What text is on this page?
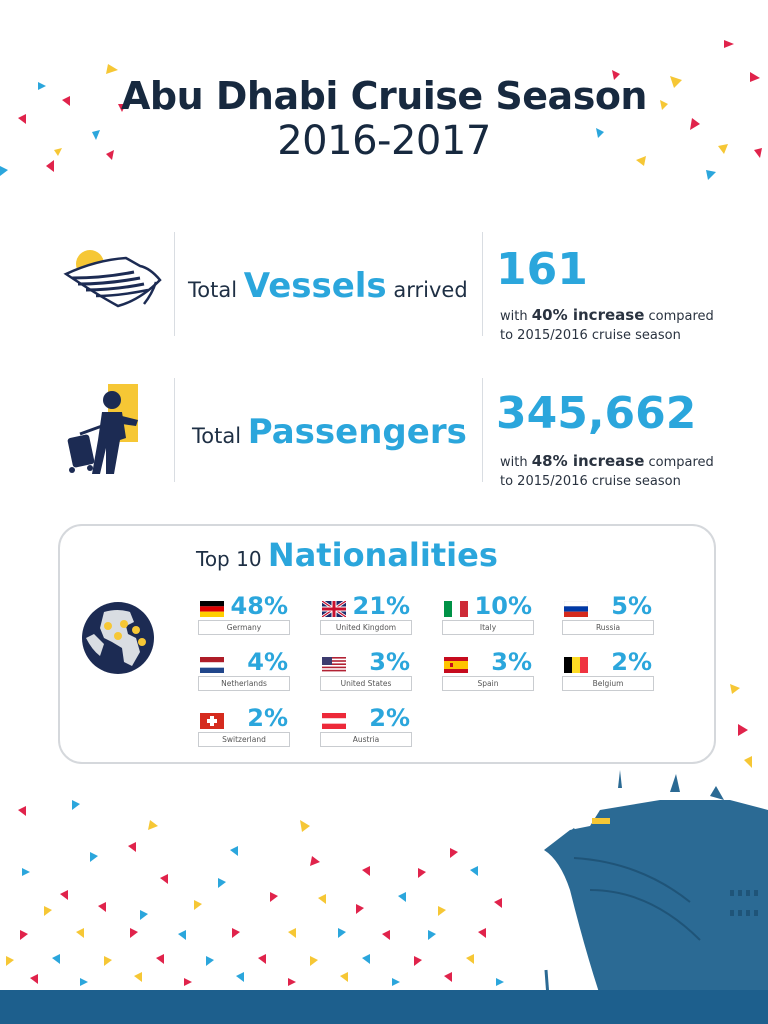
Abu Dhabi Cruise Season
2016-2017
Total Vessels arrived 161
with 40% increase compared
to 2015/2016 cruise season
Total Passengers 345,662
with 48% increase compared
to 2015/2016 cruise season
Top 10 Nationalities
48%
Germany
21%
United Kingdom
10%
Italy
5%
Russia
4%
Netherlands
3%
United States
3%
Spain
2%
Belgium
2%
Switzerland
2%
Austria
